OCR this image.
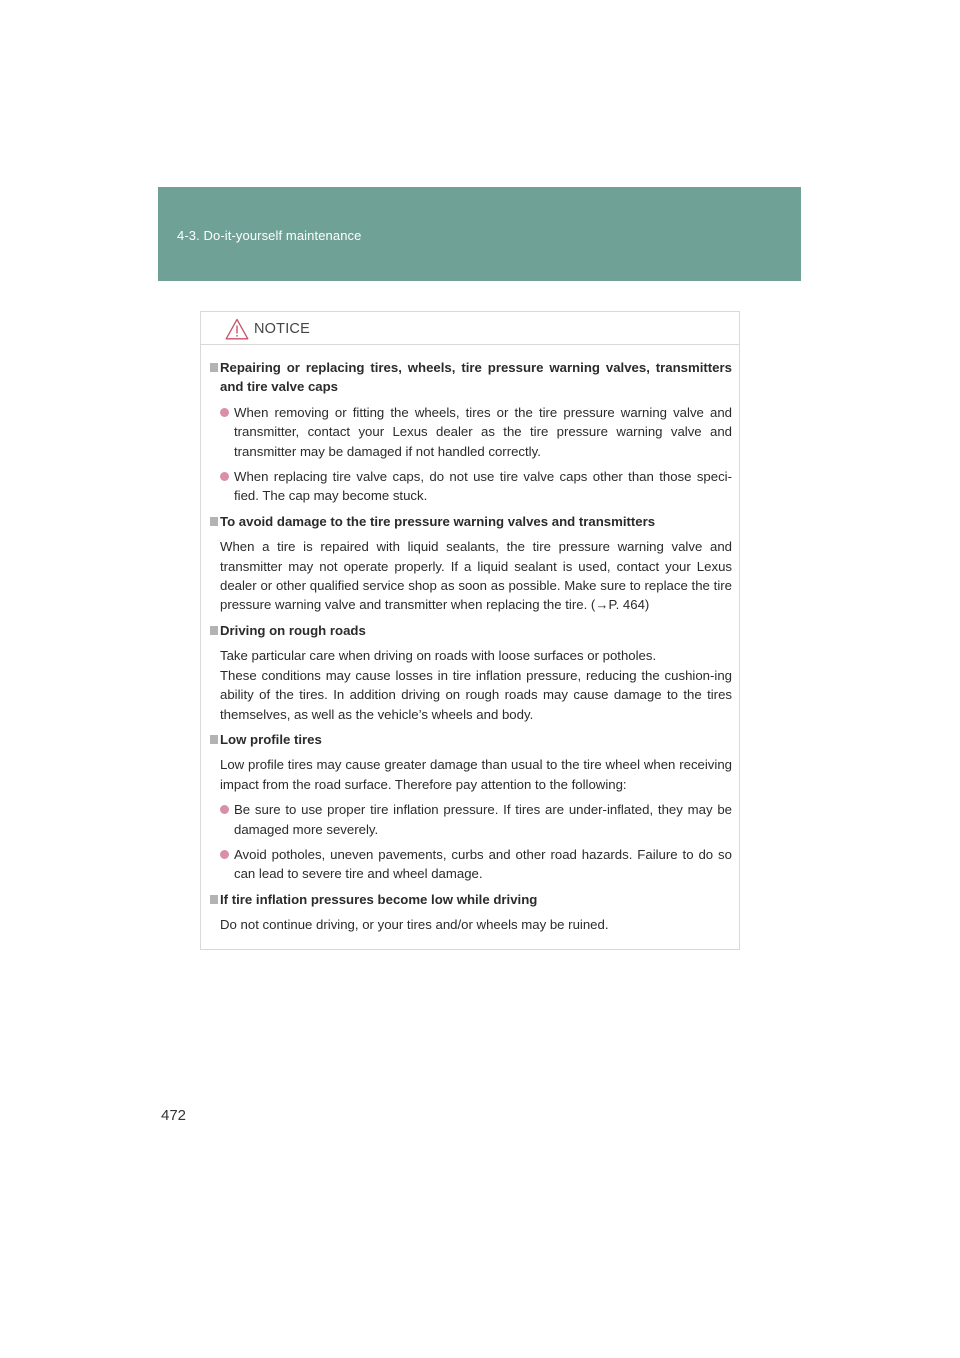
4-3. Do-it-yourself maintenance
NOTICE
Repairing or replacing tires, wheels, tire pressure warning valves, transmitters and tire valve caps
When removing or fitting the wheels, tires or the tire pressure warning valve and transmitter, contact your Lexus dealer as the tire pressure warning valve and transmitter may be damaged if not handled correctly.
When replacing tire valve caps, do not use tire valve caps other than those speci-fied. The cap may become stuck.
To avoid damage to the tire pressure warning valves and transmitters
When a tire is repaired with liquid sealants, the tire pressure warning valve and transmitter may not operate properly. If a liquid sealant is used, contact your Lexus dealer or other qualified service shop as soon as possible. Make sure to replace the tire pressure warning valve and transmitter when replacing the tire. (→P. 464)
Driving on rough roads
Take particular care when driving on roads with loose surfaces or potholes.
These conditions may cause losses in tire inflation pressure, reducing the cushion-ing ability of the tires. In addition driving on rough roads may cause damage to the tires themselves, as well as the vehicle’s wheels and body.
Low profile tires
Low profile tires may cause greater damage than usual to the tire wheel when receiving impact from the road surface. Therefore pay attention to the following:
Be sure to use proper tire inflation pressure. If tires are under-inflated, they may be damaged more severely.
Avoid potholes, uneven pavements, curbs and other road hazards. Failure to do so can lead to severe tire and wheel damage.
If tire inflation pressures become low while driving
Do not continue driving, or your tires and/or wheels may be ruined.
472
